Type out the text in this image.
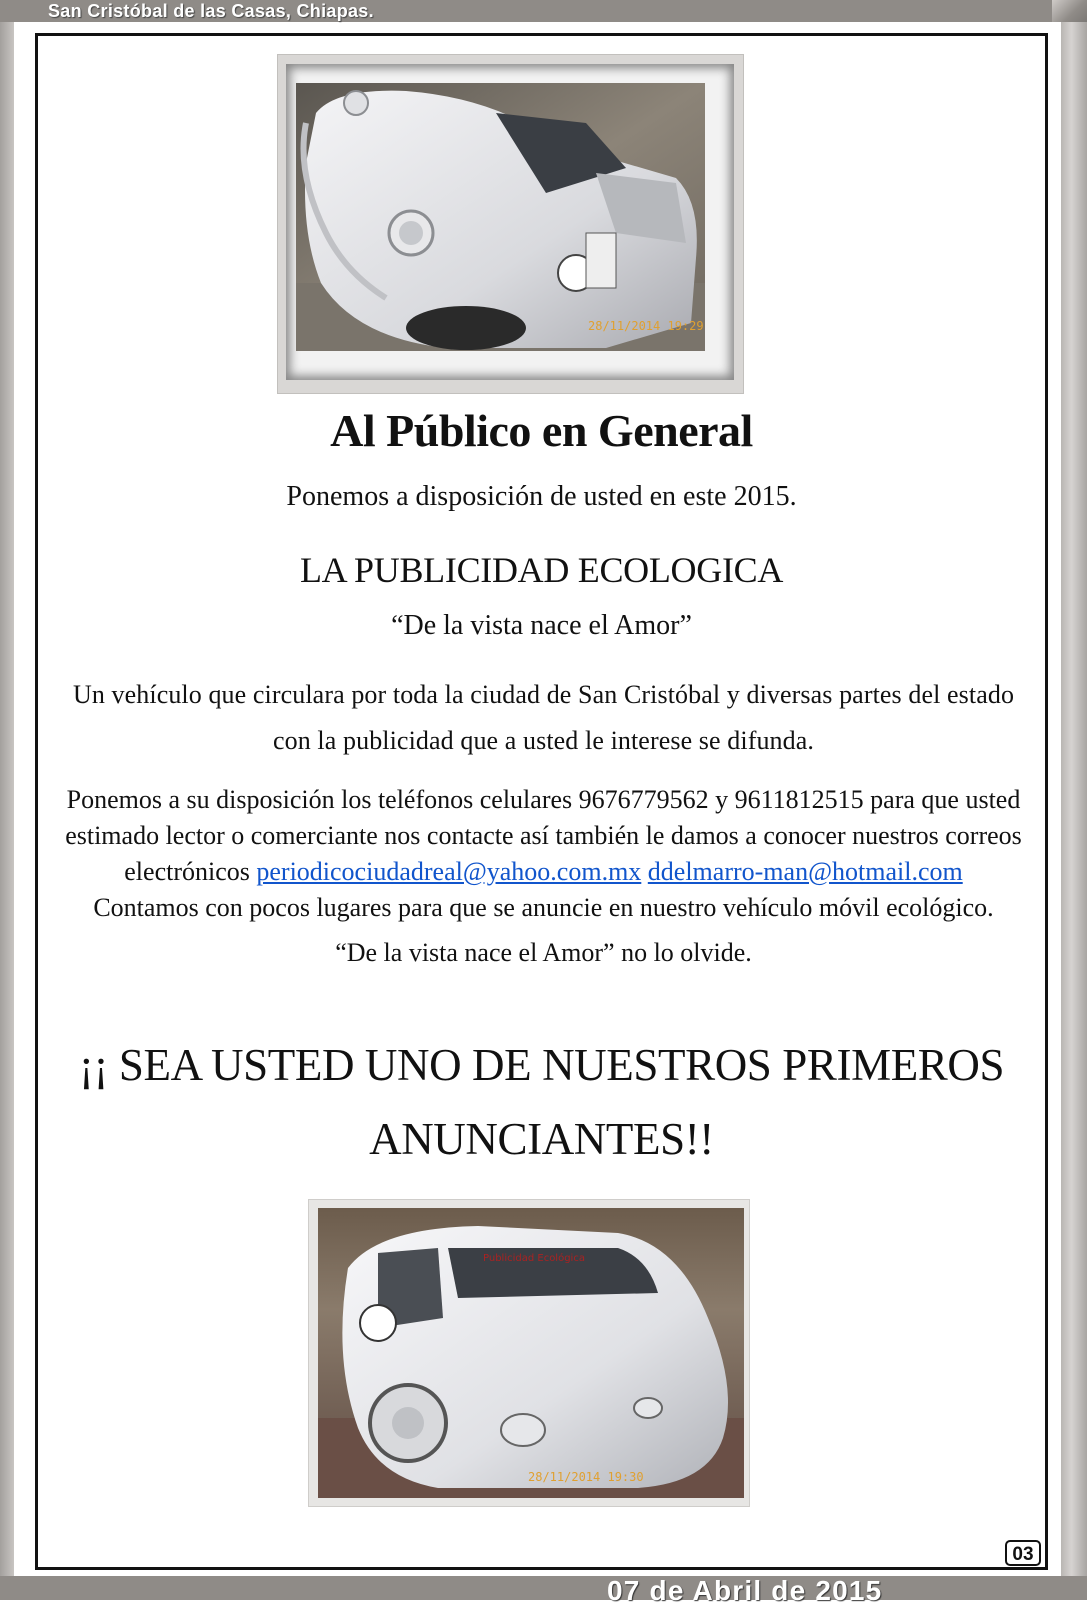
San Cristóbal de las Casas, Chiapas.
28/11/2014 19:29
Al Público en General
Ponemos a disposición de usted en este 2015.
LA PUBLICIDAD ECOLOGICA
“De la vista nace el Amor”
Un vehículo que circulara por toda la ciudad de San Cristóbal y diversas partes del estado con la publicidad que a usted le interese se difunda.
Ponemos a su disposición los teléfonos celulares 9676779562 y 9611812515 para que usted estimado lector o comerciante nos contacte así también le damos a conocer nuestros correos electrónicos periodicociudadreal@yahoo.com.mx ddelmarro-man@hotmail.com
Contamos con pocos lugares para que se anuncie en nuestro vehículo móvil ecológico.
“De la vista nace el Amor” no lo olvide.
¡¡ SEA USTED UNO DE NUESTROS PRIMEROS
ANUNCIANTES!!
Publicidad Ecológica
28/11/2014 19:30
07 de Abril de 2015
03
